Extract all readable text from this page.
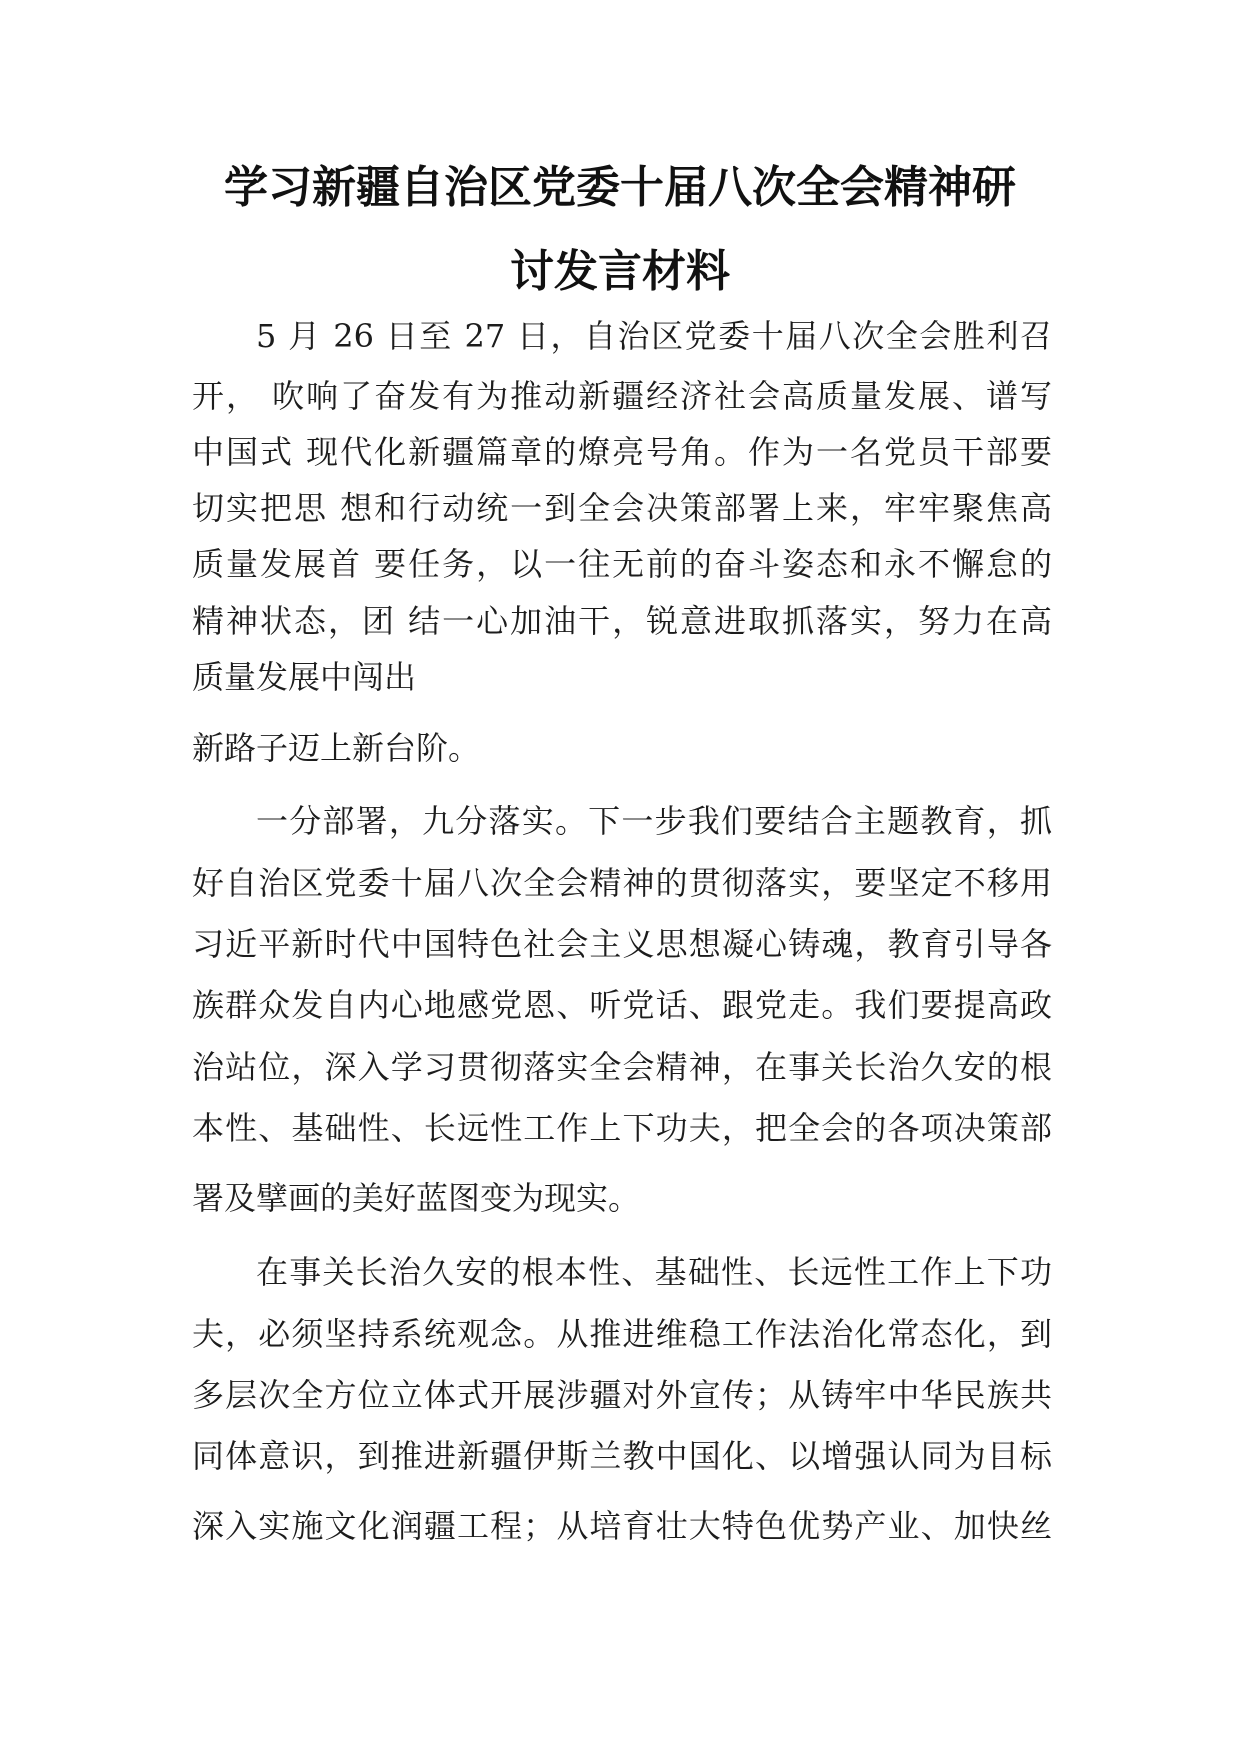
学习新疆自治区党委十届八次全会精神研
讨发言材料
5 月 26 日至 27 日，自治区党委十届八次全会胜利召
开， 吹响了奋发有为推动新疆经济社会高质量发展、谱写
中国式 现代化新疆篇章的燎亮号角。作为一名党员干部要
切实把思 想和行动统一到全会决策部署上来，牢牢聚焦高
质量发展首 要任务，以一往无前的奋斗姿态和永不懈怠的
精神状态，团 结一心加油干，锐意进取抓落实，努力在高
质量发展中闯出
新路子迈上新台阶。
一分部署，九分落实。下一步我们要结合主题教育，抓
好自治区党委十届八次全会精神的贯彻落实，要坚定不移用
习近平新时代中国特色社会主义思想凝心铸魂，教育引导各
族群众发自内心地感党恩、听党话、跟党走。我们要提高政
治站位，深入学习贯彻落实全会精神，在事关长治久安的根
本性、基础性、长远性工作上下功夫，把全会的各项决策部
署及擘画的美好蓝图变为现实。
在事关长治久安的根本性、基础性、长远性工作上下功
夫，必须坚持系统观念。从推进维稳工作法治化常态化，到
多层次全方位立体式开展涉疆对外宣传；从铸牢中华民族共
同体意识，到推进新疆伊斯兰教中国化、以增强认同为目标
深入实施文化润疆工程；从培育壮大特色优势产业、加快丝
